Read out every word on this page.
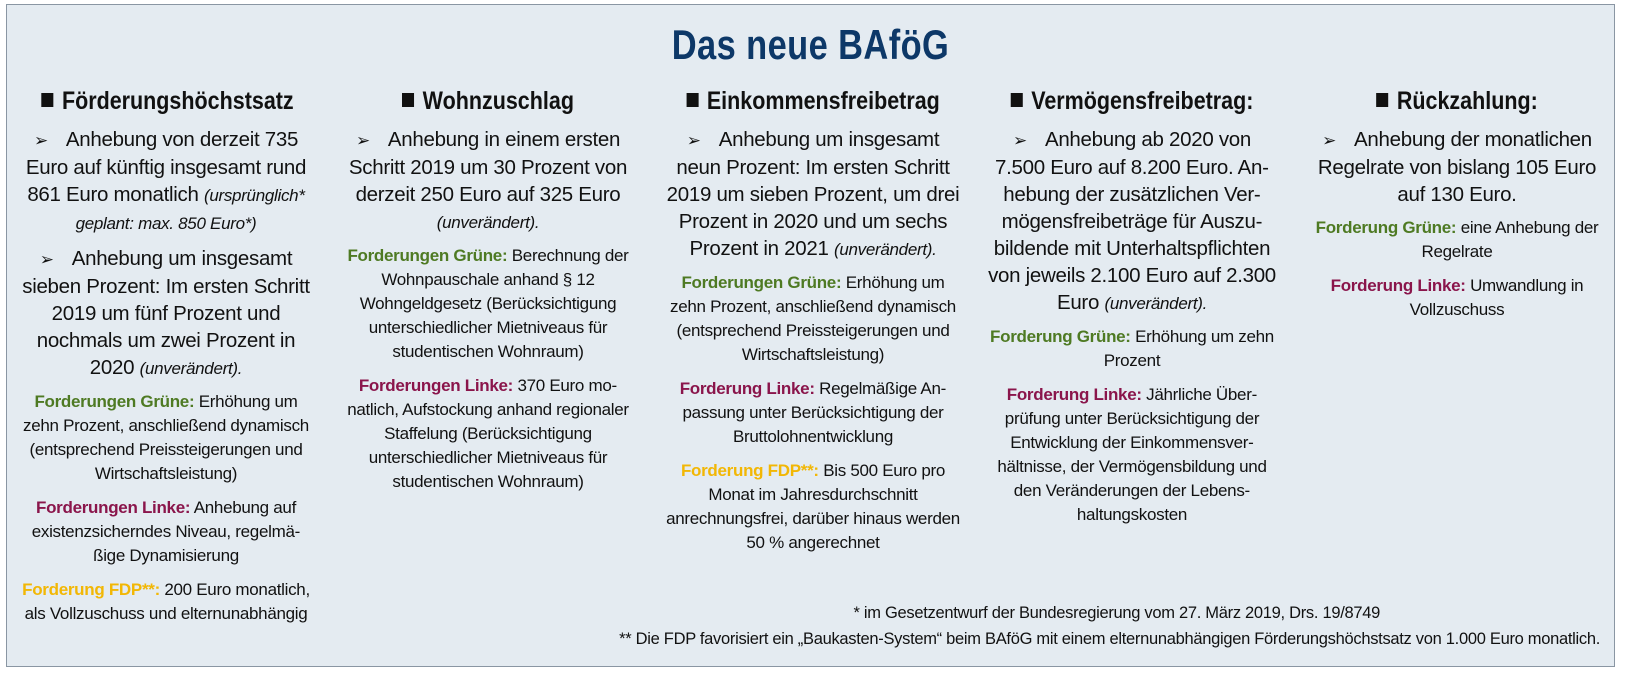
Das neue BAföG
Förderungshöchstsatz

➢ Anhebung von derzeit 735 Euro auf künftig insgesamt rund 861 Euro monatlich (ursprünglich* geplant: max. 850 Euro*)

➢ Anhebung um insgesamt sieben Prozent: Im ersten Schritt 2019 um fünf Prozent und nochmals um zwei Prozent in 2020 (unverändert).

Forderungen Grüne: Erhöhung um zehn Prozent, anschließend dynamisch (entsprechend Preissteigerungen und Wirtschaftsleistung)

Forderungen Linke: Anhebung auf existenzsicherndes Niveau, regelmäßige Dynamisierung

Forderung FDP**: 200 Euro monatlich, als Vollzuschuss und elternunabhängig

Wohnzuschlag

➢ Anhebung in einem ersten Schritt 2019 um 30 Prozent von derzeit 250 Euro auf 325 Euro (unverändert).

Forderungen Grüne: Berechnung der Wohnpauschale anhand § 12 Wohngeldgesetz (Berücksichtigung unterschiedlicher Mietniveaus für studentischen Wohnraum)

Forderungen Linke: 370 Euro monatlich, Aufstockung anhand regionaler Staffelung (Berücksichtigung unterschiedlicher Mietniveaus für studentischen Wohnraum)

Einkommensfreibetrag

➢ Anhebung um insgesamt neun Prozent: Im ersten Schritt 2019 um sieben Prozent, um drei Prozent in 2020 und um sechs Prozent in 2021 (unverändert).

Forderungen Grüne: Erhöhung um zehn Prozent, anschließend dynamisch (entsprechend Preissteigerungen und Wirtschaftsleistung)

Forderung Linke: Regelmäßige Anpassung unter Berücksichtigung der Bruttolohnentwicklung

Forderung FDP**: Bis 500 Euro pro Monat im Jahresdurchschnitt anrechnungsfrei, darüber hinaus werden 50 % angerechnet

Vermögensfreibetrag:

➢ Anhebung ab 2020 von 7.500 Euro auf 8.200 Euro. Anhebung der zusätzlichen Vermögensfreibeträge für Auszubildende mit Unterhaltspflichten von jeweils 2.100 Euro auf 2.300 Euro (unverändert).

Forderung Grüne: Erhöhung um zehn Prozent

Forderung Linke: Jährliche Überprüfung unter Berücksichtigung der Entwicklung der Einkommensverhältnisse, der Vermögensbildung und den Veränderungen der Lebenshaltungskosten

Rückzahlung:

➢ Anhebung der monatlichen Regelrate von bislang 105 Euro auf 130 Euro.

Forderung Grüne: eine Anhebung der Regelrate

Forderung Linke: Umwandlung in Vollzuschuss

* im Gesetzentwurf der Bundesregierung vom 27. März 2019, Drs. 19/8749
** Die FDP favorisiert ein „Baukasten-System“ beim BAföG mit einem elternunabhängigen Förderungshöchstsatz von 1.000 Euro monatlich.
